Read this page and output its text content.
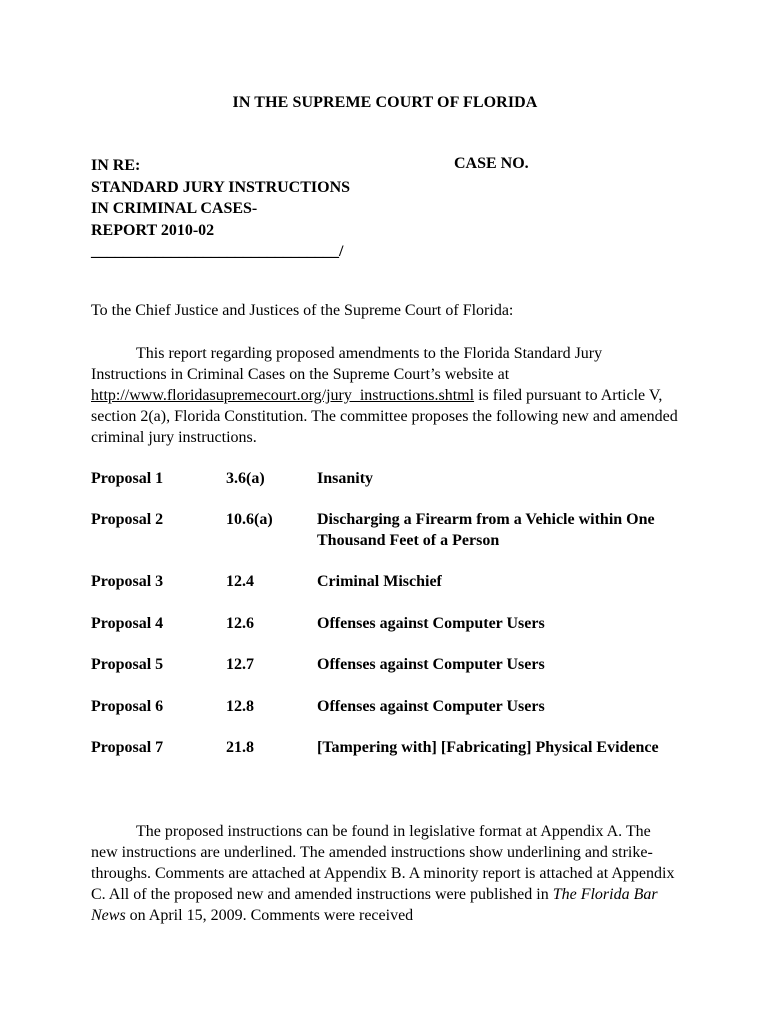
IN THE SUPREME COURT OF FLORIDA
IN RE:
STANDARD JURY INSTRUCTIONS
IN CRIMINAL CASES-
REPORT 2010-02
_______________________________/
CASE NO.
To the Chief Justice and Justices of the Supreme Court of Florida:
This report regarding proposed amendments to the Florida Standard Jury Instructions in Criminal Cases on the Supreme Court’s website at http://www.floridasupremecourt.org/jury_instructions.shtml is filed pursuant to Article V, section 2(a), Florida Constitution. The committee proposes the following new and amended criminal jury instructions.
Proposal 1	3.6(a)	Insanity
Proposal 2	10.6(a)	Discharging a Firearm from a Vehicle within One Thousand Feet of a Person
Proposal 3	12.4	Criminal Mischief
Proposal 4	12.6	Offenses against Computer Users
Proposal 5	12.7	Offenses against Computer Users
Proposal 6	12.8	Offenses against Computer Users
Proposal 7	21.8	[Tampering with] [Fabricating] Physical Evidence
The proposed instructions can be found in legislative format at Appendix A. The new instructions are underlined. The amended instructions show underlining and strike-throughs. Comments are attached at Appendix B. A minority report is attached at Appendix C. All of the proposed new and amended instructions were published in The Florida Bar News on April 15, 2009. Comments were received
